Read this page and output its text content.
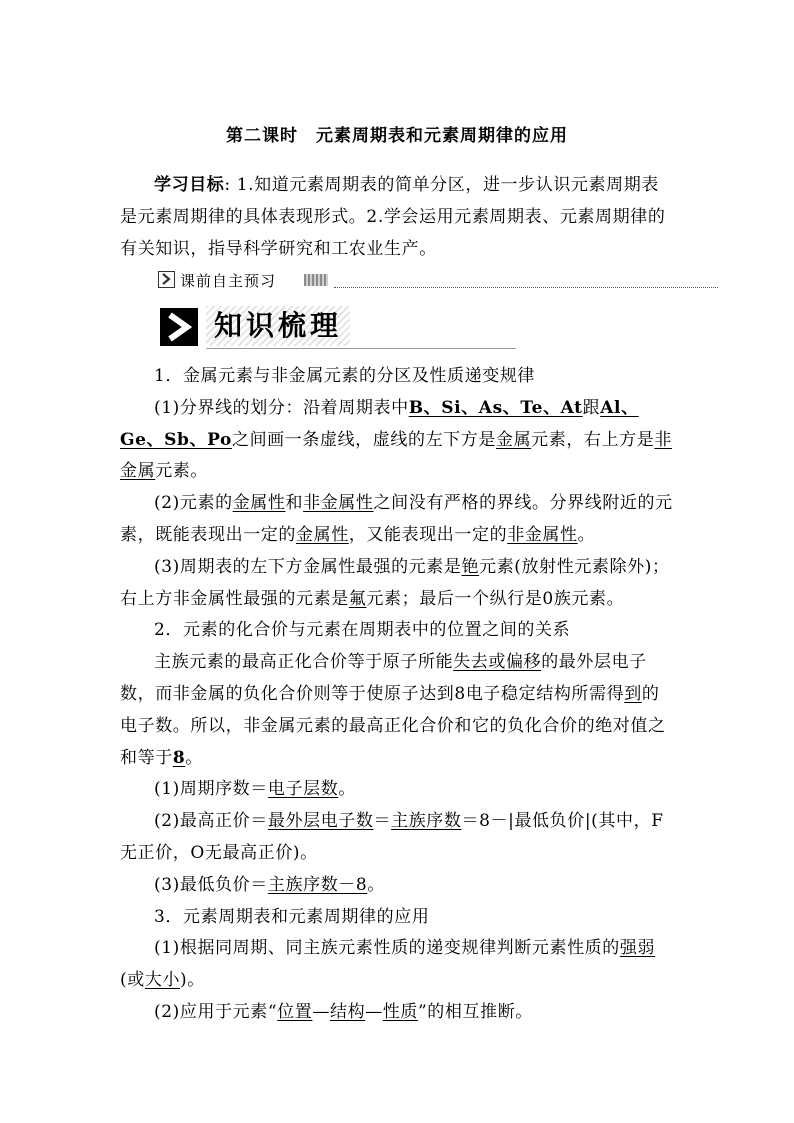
第二课时 元素周期表和元素周期律的应用

学习目标: 1.知道元素周期表的简单分区，进一步认识元素周期表是元素周期律的具体表现形式。2.学会运用元素周期表、元素周期律的有关知识，指导科学研究和工农业生产。

课前自主预习
知识梳理

1．金属元素与非金属元素的分区及性质递变规律

(1)分界线的划分：沿着周期表中B、Si、As、Te、At跟Al、Ge、Sb、Po之间画一条虚线，虚线的左下方是金属元素，右上方是非金属元素。

(2)元素的金属性和非金属性之间没有严格的界线。分界线附近的元素，既能表现出一定的金属性，又能表现出一定的非金属性。

(3)周期表的左下方金属性最强的元素是铯元素(放射性元素除外)；右上方非金属性最强的元素是氟元素；最后一个纵行是0族元素。

2．元素的化合价与元素在周期表中的位置之间的关系

主族元素的最高正化合价等于原子所能失去或偏移的最外层电子数，而非金属的负化合价则等于使原子达到8电子稳定结构所需得到的电子数。所以，非金属元素的最高正化合价和它的负化合价的绝对值之和等于8。

(1)周期序数＝电子层数。

(2)最高正价＝最外层电子数＝主族序数＝8－|最低负价|(其中，F无正价，O无最高正价)。

(3)最低负价＝主族序数－8。

3．元素周期表和元素周期律的应用

(1)根据同周期、同主族元素性质的递变规律判断元素性质的强弱(或大小)。

(2)应用于元素“位置—结构—性质”的相互推断。
